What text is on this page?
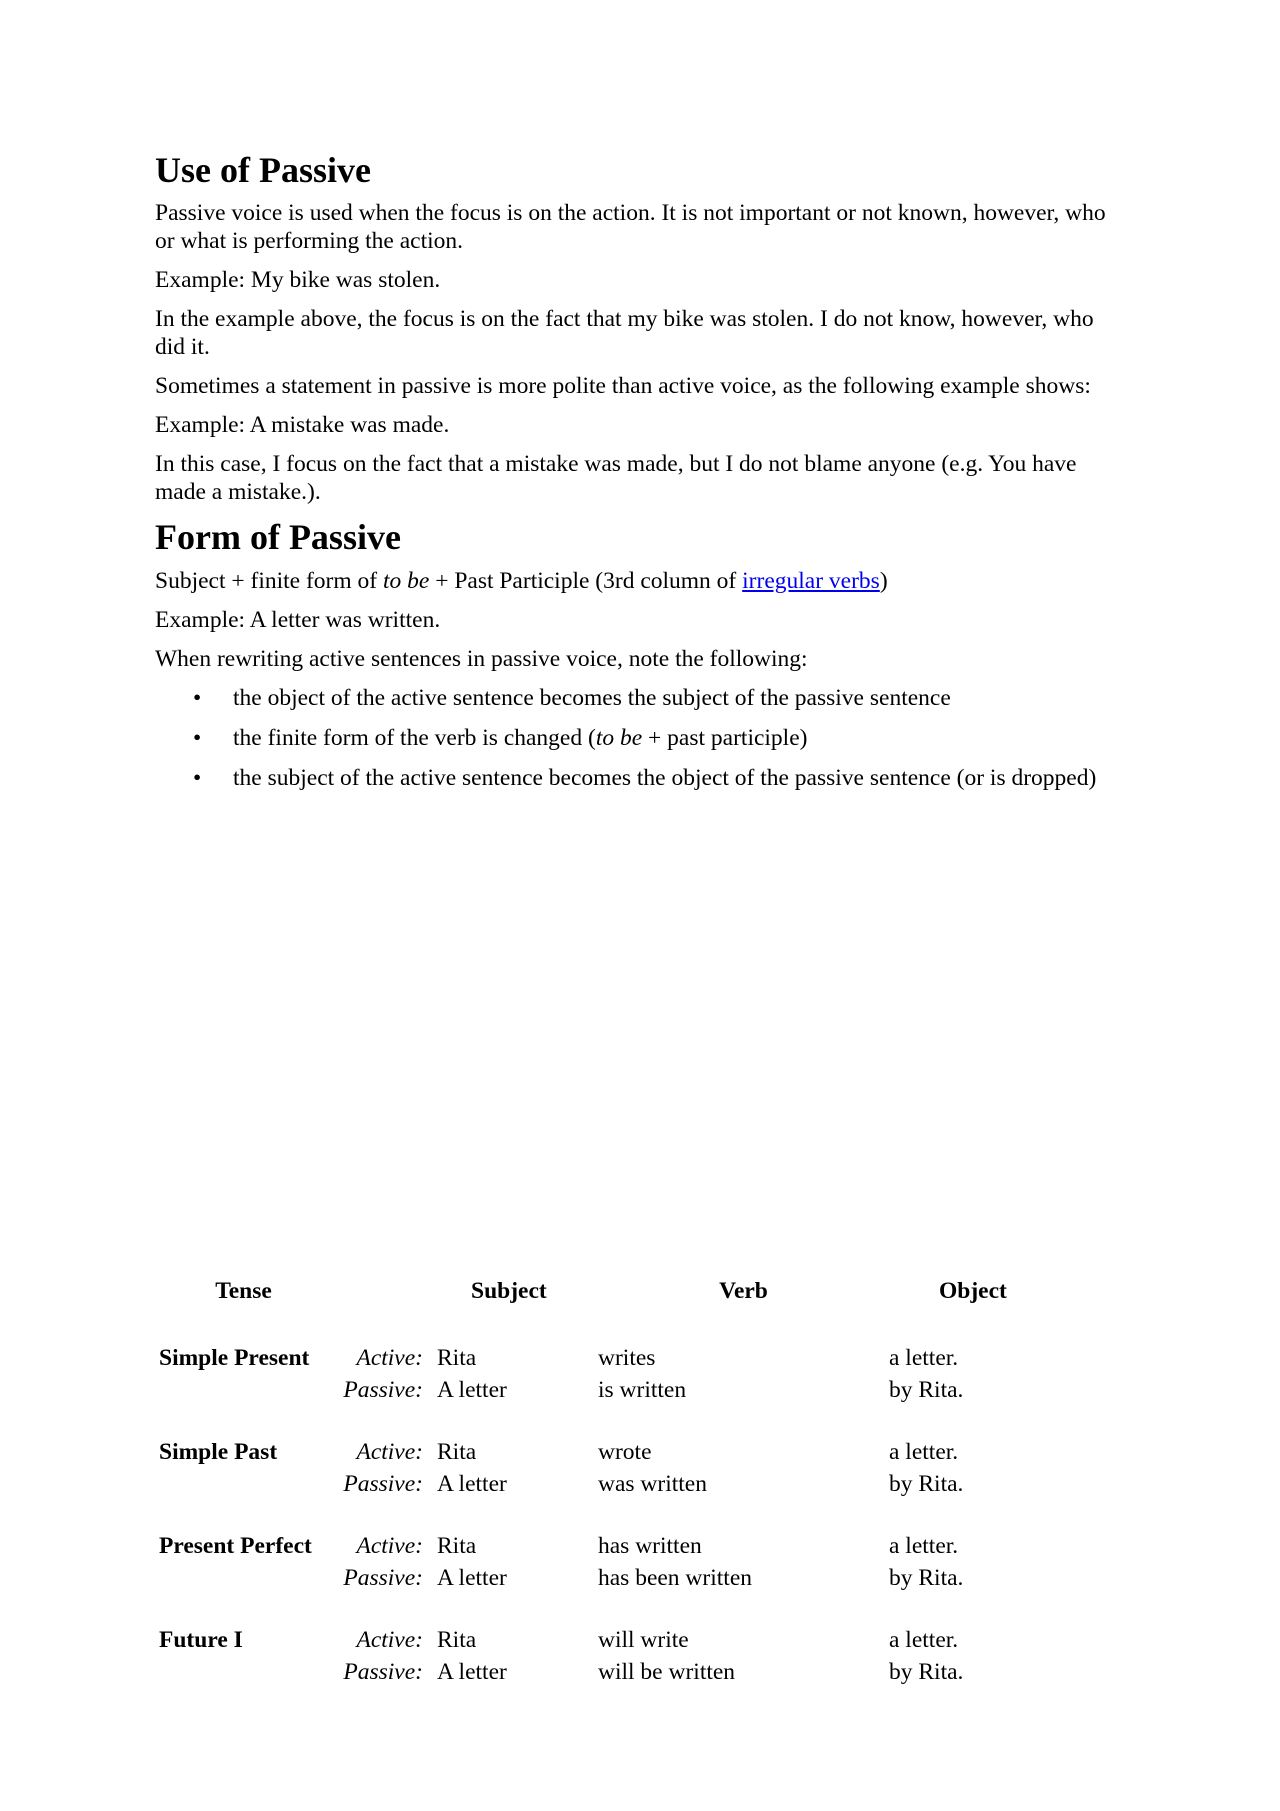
Use of Passive

Passive voice is used when the focus is on the action. It is not important or not known, however, who or what is performing the action.

Example: My bike was stolen.

In the example above, the focus is on the fact that my bike was stolen. I do not know, however, who did it.

Sometimes a statement in passive is more polite than active voice, as the following example shows:

Example: A mistake was made.

In this case, I focus on the fact that a mistake was made, but I do not blame anyone (e.g. You have made a mistake.).

Form of Passive

Subject + finite form of to be + Past Participle (3rd column of irregular verbs)

Example: A letter was written.

When rewriting active sentences in passive voice, note the following:

• the object of the active sentence becomes the subject of the passive sentence
• the finite form of the verb is changed (to be + past participle)
• the subject of the active sentence becomes the object of the passive sentence (or is dropped)
Tense		Subject	Verb	Object

Simple Present	Active:	Rita	writes	a letter.
	Passive:	A letter	is written	by Rita.

Simple Past	Active:	Rita	wrote	a letter.
	Passive:	A letter	was written	by Rita.

Present Perfect	Active:	Rita	has written	a letter.
	Passive:	A letter	has been written	by Rita.

Future I	Active:	Rita	will write	a letter.
	Passive:	A letter	will be written	by Rita.
